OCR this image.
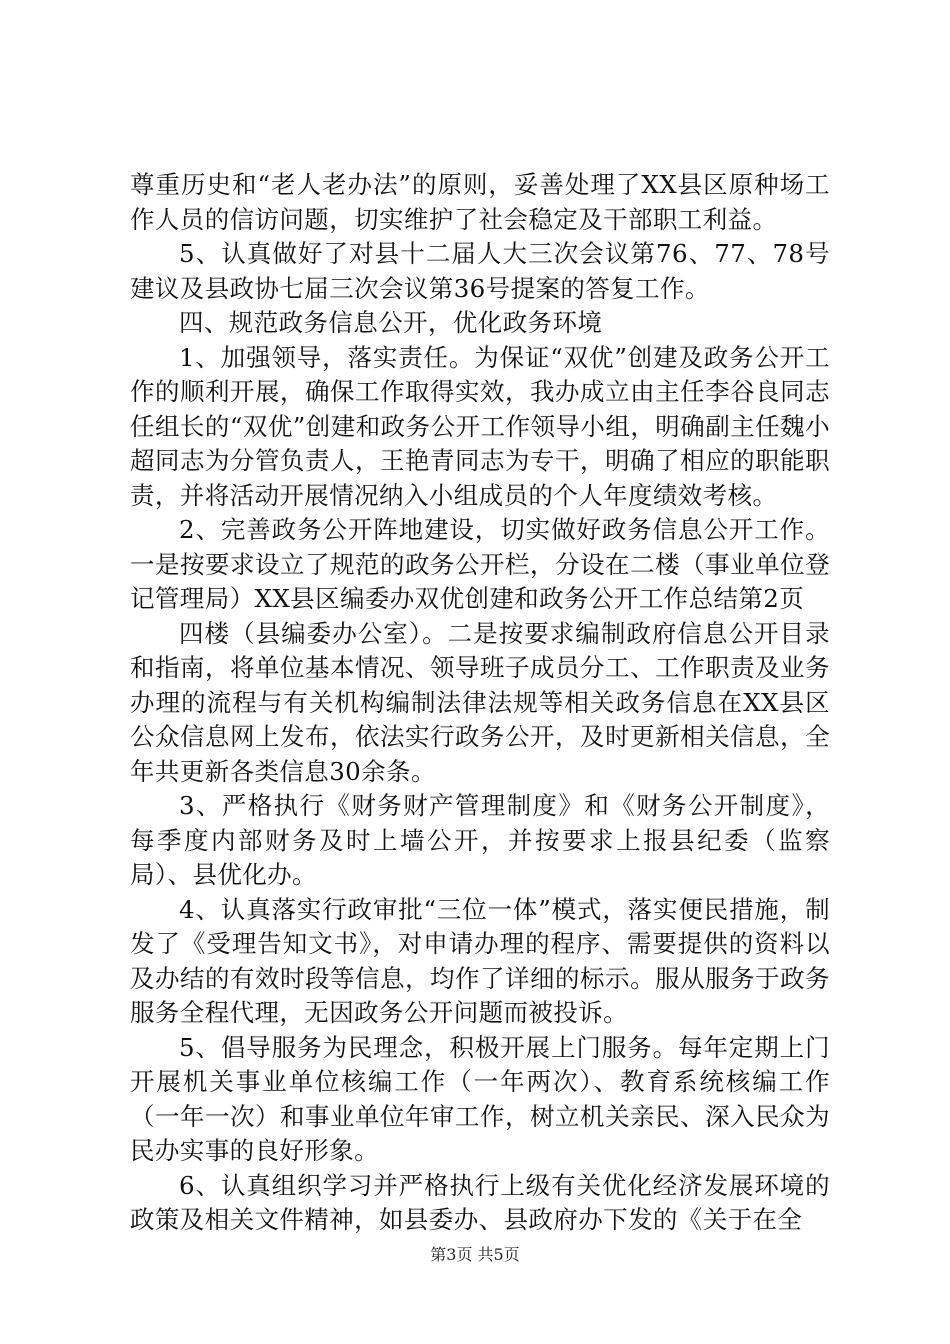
尊重历史和“老人老办法”的原则，妥善处理了XX县区原种场工作人员的信访问题，切实维护了社会稳定及干部职工利益。

5、认真做好了对县十二届人大三次会议第76、77、78号建议及县政协七届三次会议第36号提案的答复工作。

四、规范政务信息公开，优化政务环境

1、加强领导，落实责任。为保证“双优”创建及政务公开工作的顺利开展，确保工作取得实效，我办成立由主任李谷良同志任组长的“双优”创建和政务公开工作领导小组，明确副主任魏小超同志为分管负责人，王艳青同志为专干，明确了相应的职能职责，并将活动开展情况纳入小组成员的个人年度绩效考核。

2、完善政务公开阵地建设，切实做好政务信息公开工作。一是按要求设立了规范的政务公开栏，分设在二楼（事业单位登记管理局）XX县区编委办双优创建和政务公开工作总结第2页

四楼（县编委办公室）。二是按要求编制政府信息公开目录和指南，将单位基本情况、领导班子成员分工、工作职责及业务办理的流程与有关机构编制法律法规等相关政务信息在XX县区公众信息网上发布，依法实行政务公开，及时更新相关信息，全年共更新各类信息30余条。

3、严格执行《财务财产管理制度》和《财务公开制度》，每季度内部财务及时上墙公开，并按要求上报县纪委（监察局）、县优化办。

4、认真落实行政审批“三位一体”模式，落实便民措施，制发了《受理告知文书》，对申请办理的程序、需要提供的资料以及办结的有效时段等信息，均作了详细的标示。服从服务于政务服务全程代理，无因政务公开问题而被投诉。

5、倡导服务为民理念，积极开展上门服务。每年定期上门开展机关事业单位核编工作（一年两次）、教育系统核编工作（一年一次）和事业单位年审工作，树立机关亲民、深入民众为民办实事的良好形象。

6、认真组织学习并严格执行上级有关优化经济发展环境的政策及相关文件精神，如县委办、县政府办下发的《关于在全

第3页 共5页
